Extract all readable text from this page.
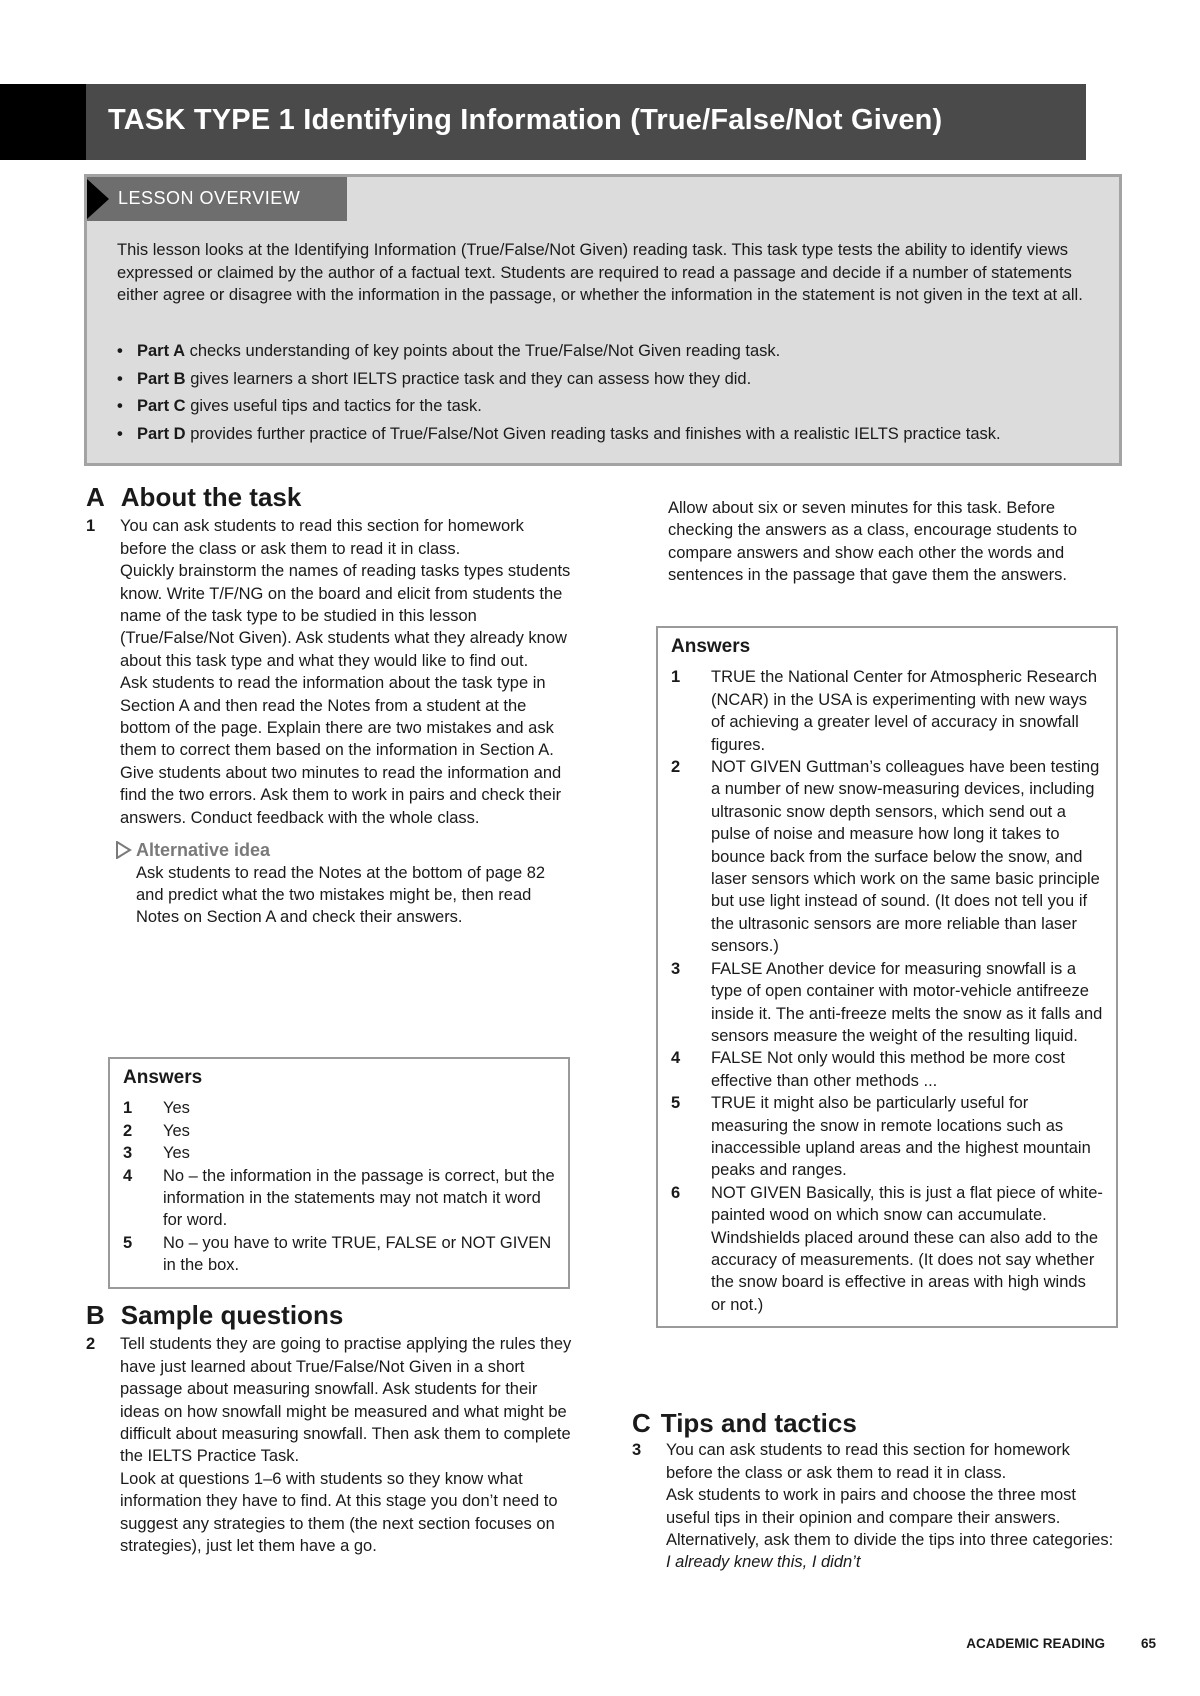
TASK TYPE 1 Identifying Information (True/False/Not Given)
LESSON OVERVIEW

This lesson looks at the Identifying Information (True/False/Not Given) reading task. This task type tests the ability to identify views expressed or claimed by the author of a factual text. Students are required to read a passage and decide if a number of statements either agree or disagree with the information in the passage, or whether the information in the statement is not given in the text at all.

• Part A checks understanding of key points about the True/False/Not Given reading task.
• Part B gives learners a short IELTS practice task and they can assess how they did.
• Part C gives useful tips and tactics for the task.
• Part D provides further practice of True/False/Not Given reading tasks and finishes with a realistic IELTS practice task.
A About the task
1	You can ask students to read this section for homework before the class or ask them to read it in class.

Quickly brainstorm the names of reading tasks types students know. Write T/F/NG on the board and elicit from students the name of the task type to be studied in this lesson (True/False/Not Given). Ask students what they already know about this task type and what they would like to find out.

Ask students to read the information about the task type in Section A and then read the Notes from a student at the bottom of the page. Explain there are two mistakes and ask them to correct them based on the information in Section A. Give students about two minutes to read the information and find the two errors. Ask them to work in pairs and check their answers. Conduct feedback with the whole class.

Alternative idea

Ask students to read the Notes at the bottom of page 82 and predict what the two mistakes might be, then read Notes on Section A and check their answers.

Answers
1	Yes
2	Yes
3	Yes
4	No – the information in the passage is correct, but the information in the statements may not match it word for word.
5	No – you have to write TRUE, FALSE or NOT GIVEN in the box.
B Sample questions
2	Tell students they are going to practise applying the rules they have just learned about True/False/Not Given in a short passage about measuring snowfall. Ask students for their ideas on how snowfall might be measured and what might be difficult about measuring snowfall. Then ask them to complete the IELTS Practice Task.

Look at questions 1–6 with students so they know what information they have to find. At this stage you don’t need to suggest any strategies to them (the next section focuses on strategies), just let them have a go.

Allow about six or seven minutes for this task. Before checking the answers as a class, encourage students to compare answers and show each other the words and sentences in the passage that gave them the answers.

Answers
1	TRUE the National Center for Atmospheric Research (NCAR) in the USA is experimenting with new ways of achieving a greater level of accuracy in snowfall figures.
2	NOT GIVEN Guttman’s colleagues have been testing a number of new snow-measuring devices, including ultrasonic snow depth sensors, which send out a pulse of noise and measure how long it takes to bounce back from the surface below the snow, and laser sensors which work on the same basic principle but use light instead of sound. (It does not tell you if the ultrasonic sensors are more reliable than laser sensors.)
3	FALSE Another device for measuring snowfall is a type of open container with motor-vehicle antifreeze inside it. The anti-freeze melts the snow as it falls and sensors measure the weight of the resulting liquid.
4	FALSE Not only would this method be more cost effective than other methods ...
5	TRUE it might also be particularly useful for measuring the snow in remote locations such as inaccessible upland areas and the highest mountain peaks and ranges.
6	NOT GIVEN Basically, this is just a flat piece of white-painted wood on which snow can accumulate. Windshields placed around these can also add to the accuracy of measurements. (It does not say whether the snow board is effective in areas with high winds or not.)
C Tips and tactics
3	You can ask students to read this section for homework before the class or ask them to read it in class.

Ask students to work in pairs and choose the three most useful tips in their opinion and compare their answers. Alternatively, ask them to divide the tips into three categories: I already knew this, I didn’t

ACADEMIC READING	65
